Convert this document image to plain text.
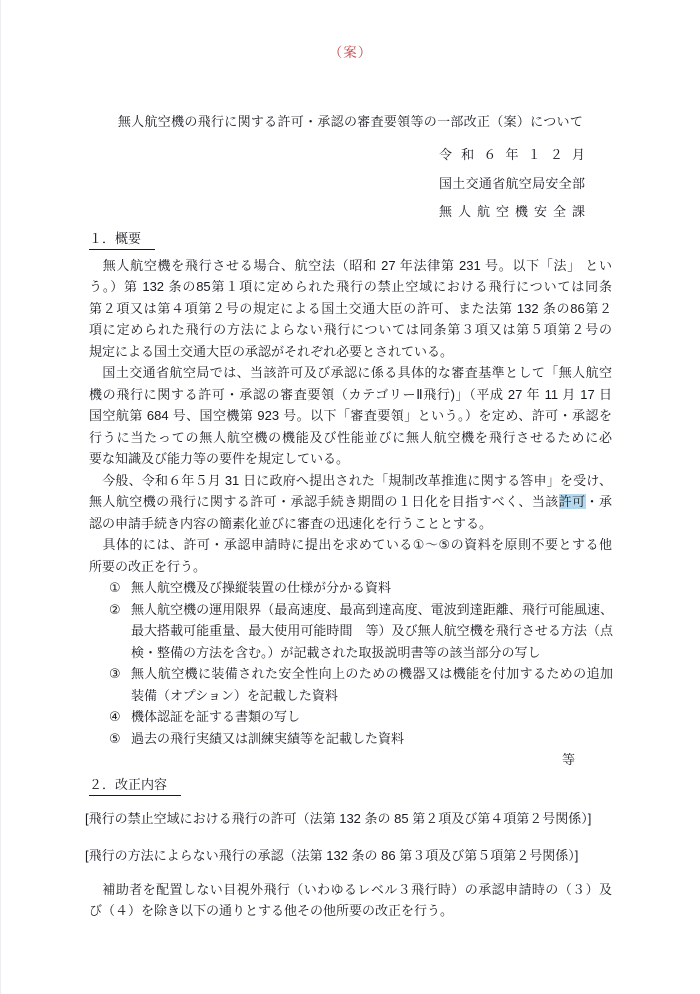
（案）
無人航空機の飛行に関する許可・承認の審査要領等の一部改正（案）について
令 和 ６ 年 １ ２ 月
国土交通省航空局安全部
無 人 航 空 機 安 全 課
１．概要
　無人航空機を飛行させる場合、航空法（昭和 27 年法律第 231 号。以下「法」 とい
う。）第 132 条の85第１項に定められた飛行の禁止空域における飛行については同条
第２項又は第４項第２号の規定による国土交通大臣の許可、また法第 132 条の86第２
項に定められた飛行の方法によらない飛行については同条第３項又は第５項第２号の
規定による国土交通大臣の承認がそれぞれ必要とされている。
　国土交通省航空局では、当該許可及び承認に係る具体的な審査基準として「無人航空
機の飛行に関する許可・承認の審査要領（カテゴリーⅡ飛行)」（平成 27 年 11 月 17 日
国空航第 684 号、国空機第 923 号。以下「審査要領」という。）を定め、許可・承認を
行うに当たっての無人航空機の機能及び性能並びに無人航空機を飛行させるために必
要な知識及び能力等の要件を規定している。
　今般、令和６年５月 31 日に政府へ提出された「規制改革推進に関する答申」を受け、
無人航空機の飛行に関する許可・承認手続き期間の１日化を目指すべく、当該許可・承
認の申請手続き内容の簡素化並びに審査の迅速化を行うこととする。
　具体的には、許可・承認申請時に提出を求めている①～⑤の資料を原則不要とする他
所要の改正を行う。
① 無人航空機及び操縦装置の仕様が分かる資料
② 無人航空機の運用限界（最高速度、最高到達高度、電波到達距離、飛行可能風速、
最大搭載可能重量、最大使用可能時間　等）及び無人航空機を飛行させる方法（点
検・整備の方法を含む。）が記載された取扱説明書等の該当部分の写し
③ 無人航空機に装備された安全性向上のための機器又は機能を付加するための追加
装備（オプション）を記載した資料
④ 機体認証を証する書類の写し
⑤ 過去の飛行実績又は訓練実績等を記載した資料
等
２．改正内容
[飛行の禁止空域における飛行の許可（法第 132 条の 85 第２項及び第４項第２号関係）]
[飛行の方法によらない飛行の承認（法第 132 条の 86 第３項及び第５項第２号関係）]
　補助者を配置しない目視外飛行（いわゆるレベル３飛行時）の承認申請時の（３）及
び（４）を除き以下の通りとする他その他所要の改正を行う。
